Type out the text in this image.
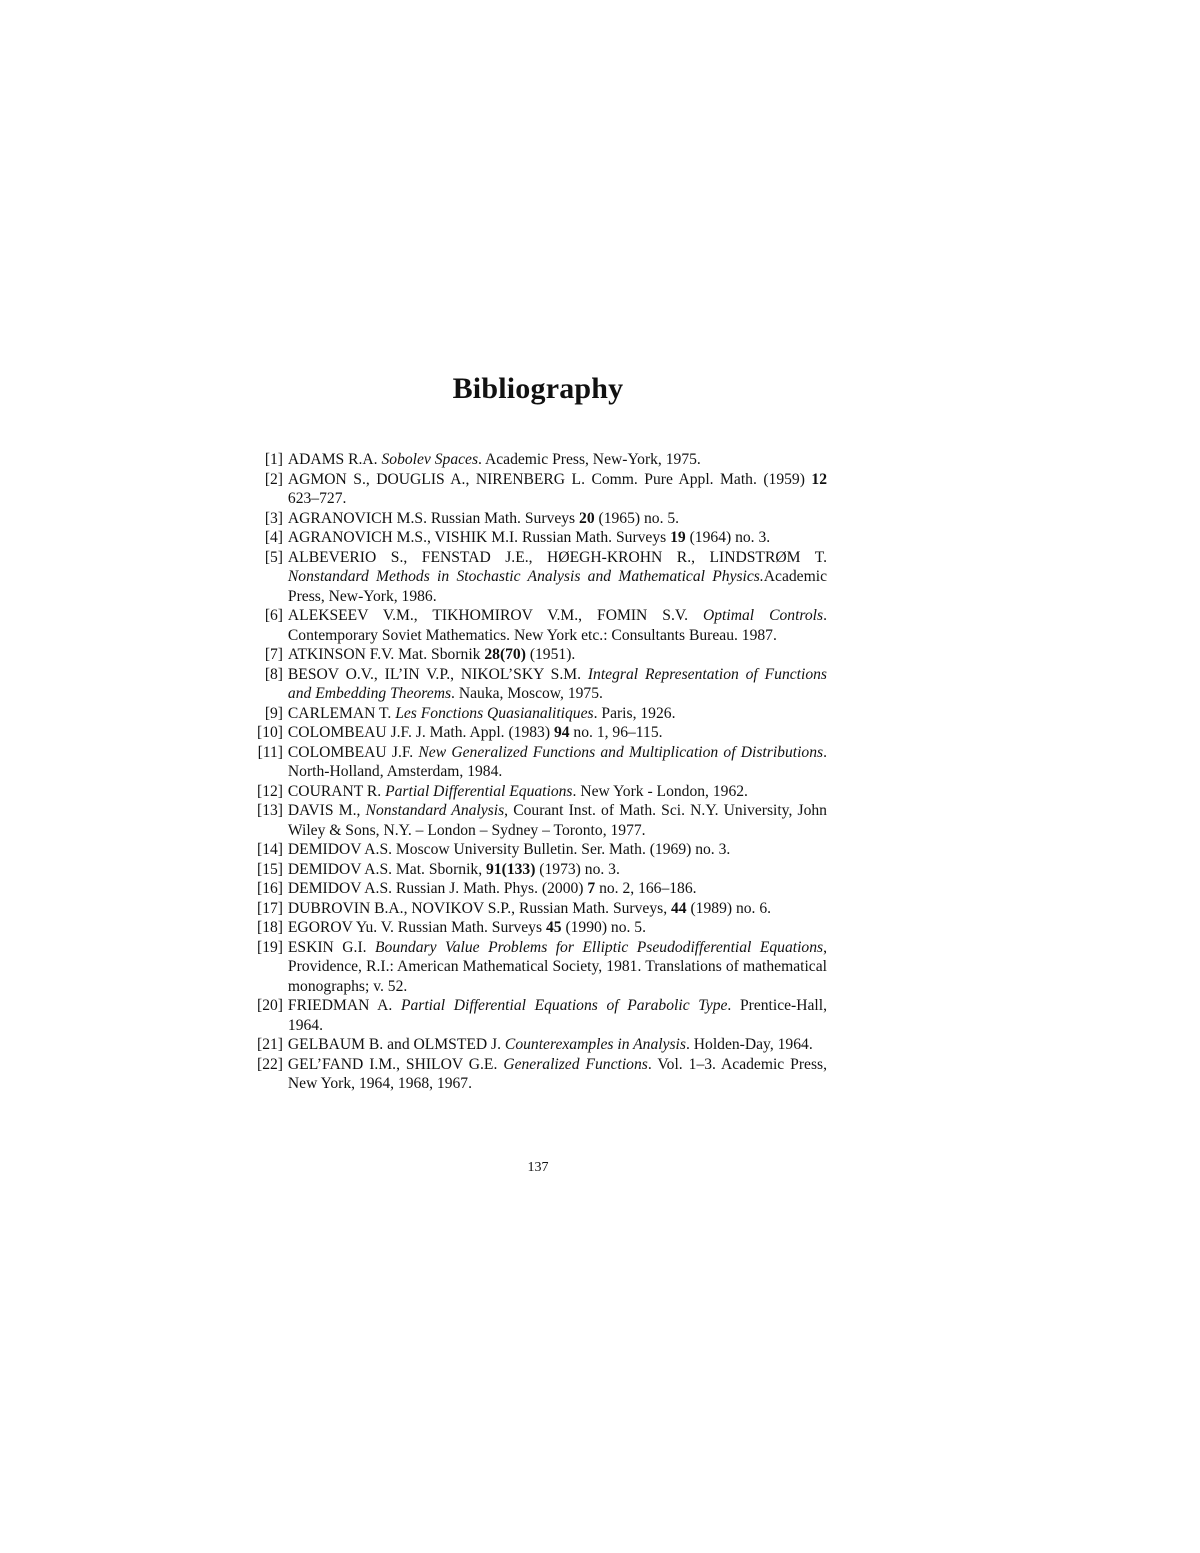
Bibliography
[1]
ADAMS R.A. Sobolev Spaces. Academic Press, New-York, 1975.
[2]
AGMON S., DOUGLIS A., NIRENBERG L. Comm. Pure Appl. Math. (1959) 12 623–727.
[3]
AGRANOVICH M.S. Russian Math. Surveys 20 (1965) no. 5.
[4]
AGRANOVICH M.S., VISHIK M.I. Russian Math. Surveys 19 (1964) no. 3.
[5]
ALBEVERIO S., FENSTAD J.E., HØEGH-KROHN R., LINDSTRØM T. Nonstandard Methods in Stochastic Analysis and Mathematical Physics.Academic Press, New-York, 1986.
[6]
ALEKSEEV V.M., TIKHOMIROV V.M., FOMIN S.V. Optimal Controls. Contemporary Soviet Mathematics. New York etc.: Consultants Bureau. 1987.
[7]
ATKINSON F.V. Mat. Sbornik 28(70) (1951).
[8]
BESOV O.V., IL’IN V.P., NIKOL’SKY S.M. Integral Representation of Functions and Embedding Theorems. Nauka, Moscow, 1975.
[9]
CARLEMAN T. Les Fonctions Quasianalitiques. Paris, 1926.
[10]
COLOMBEAU J.F. J. Math. Appl. (1983) 94 no. 1, 96–115.
[11]
COLOMBEAU J.F. New Generalized Functions and Multiplication of Distributions. North-Holland, Amsterdam, 1984.
[12]
COURANT R. Partial Differential Equations. New York - London, 1962.
[13]
DAVIS M., Nonstandard Analysis, Courant Inst. of Math. Sci. N.Y. University, John Wiley & Sons, N.Y. – London – Sydney – Toronto, 1977.
[14]
DEMIDOV A.S. Moscow University Bulletin. Ser. Math. (1969) no. 3.
[15]
DEMIDOV A.S. Mat. Sbornik, 91(133) (1973) no. 3.
[16]
DEMIDOV A.S. Russian J. Math. Phys. (2000) 7 no. 2, 166–186.
[17]
DUBROVIN B.A., NOVIKOV S.P., Russian Math. Surveys, 44 (1989) no. 6.
[18]
EGOROV Yu. V. Russian Math. Surveys 45 (1990) no. 5.
[19]
ESKIN G.I. Boundary Value Problems for Elliptic Pseudodifferential Equations, Providence, R.I.: American Mathematical Society, 1981. Translations of mathematical monographs; v. 52.
[20]
FRIEDMAN A. Partial Differential Equations of Parabolic Type. Prentice-Hall, 1964.
[21]
GELBAUM B. and OLMSTED J. Counterexamples in Analysis. Holden-Day, 1964.
[22]
GEL’FAND I.M., SHILOV G.E. Generalized Functions. Vol. 1–3. Academic Press, New York, 1964, 1968, 1967.
137
